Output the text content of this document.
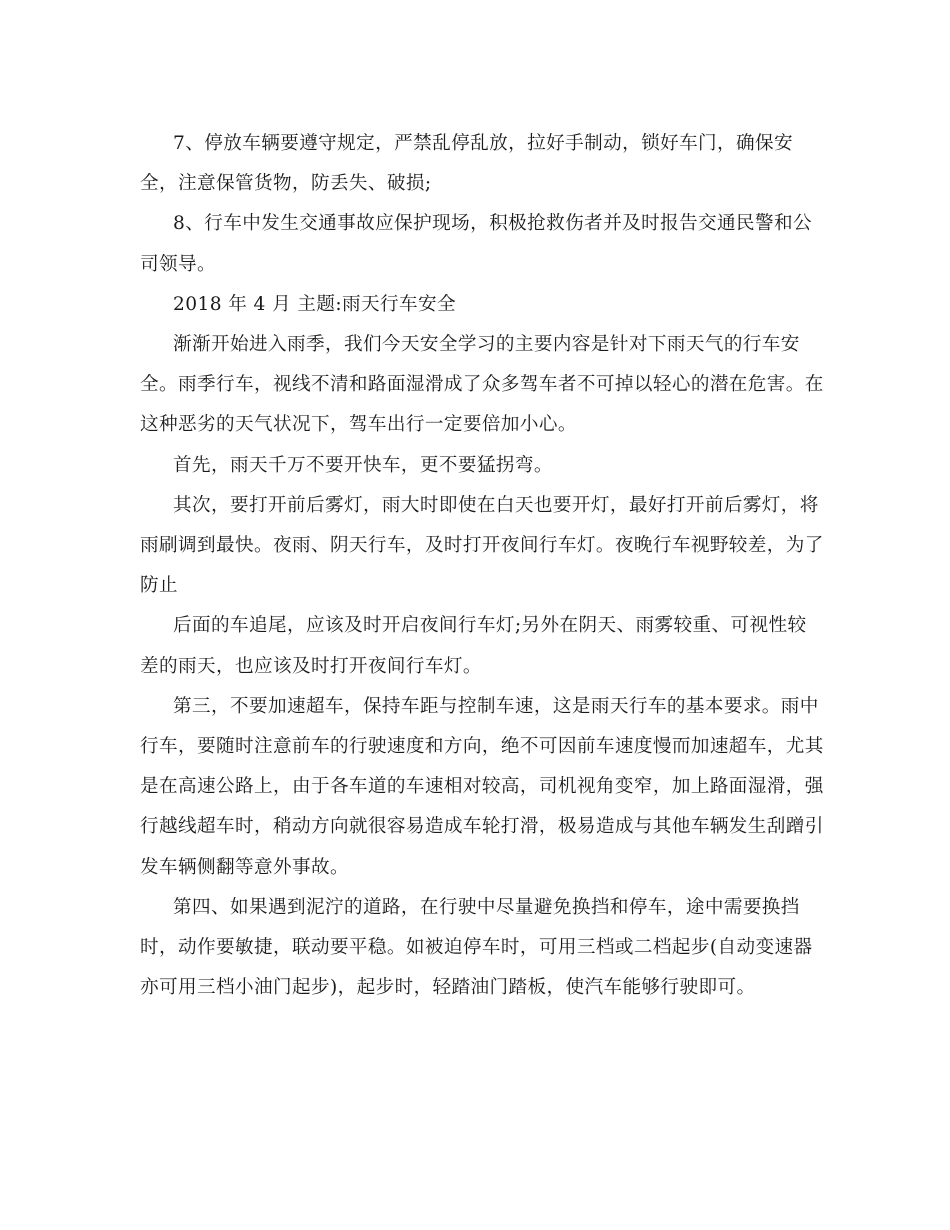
7、停放车辆要遵守规定，严禁乱停乱放，拉好手制动，锁好车门，确保安
全，注意保管货物，防丢失、破损;
8、行车中发生交通事故应保护现场，积极抢救伤者并及时报告交通民警和公
司领导。
2018 年 4 月 主题:雨天行车安全
渐渐开始进入雨季，我们今天安全学习的主要内容是针对下雨天气的行车安
全。雨季行车，视线不清和路面湿滑成了众多驾车者不可掉以轻心的潜在危害。在
这种恶劣的天气状况下，驾车出行一定要倍加小心。
首先，雨天千万不要开快车，更不要猛拐弯。
其次，要打开前后雾灯，雨大时即使在白天也要开灯，最好打开前后雾灯，将
雨刷调到最快。夜雨、阴天行车，及时打开夜间行车灯。夜晚行车视野较差，为了
防止
后面的车追尾，应该及时开启夜间行车灯;另外在阴天、雨雾较重、可视性较
差的雨天，也应该及时打开夜间行车灯。
第三，不要加速超车，保持车距与控制车速，这是雨天行车的基本要求。雨中
行车，要随时注意前车的行驶速度和方向，绝不可因前车速度慢而加速超车，尤其
是在高速公路上，由于各车道的车速相对较高，司机视角变窄，加上路面湿滑，强
行越线超车时，稍动方向就很容易造成车轮打滑，极易造成与其他车辆发生刮蹭引
发车辆侧翻等意外事故。
第四、如果遇到泥泞的道路，在行驶中尽量避免换挡和停车，途中需要换挡
时，动作要敏捷，联动要平稳。如被迫停车时，可用三档或二档起步(自动变速器
亦可用三档小油门起步)，起步时，轻踏油门踏板，使汽车能够行驶即可。
